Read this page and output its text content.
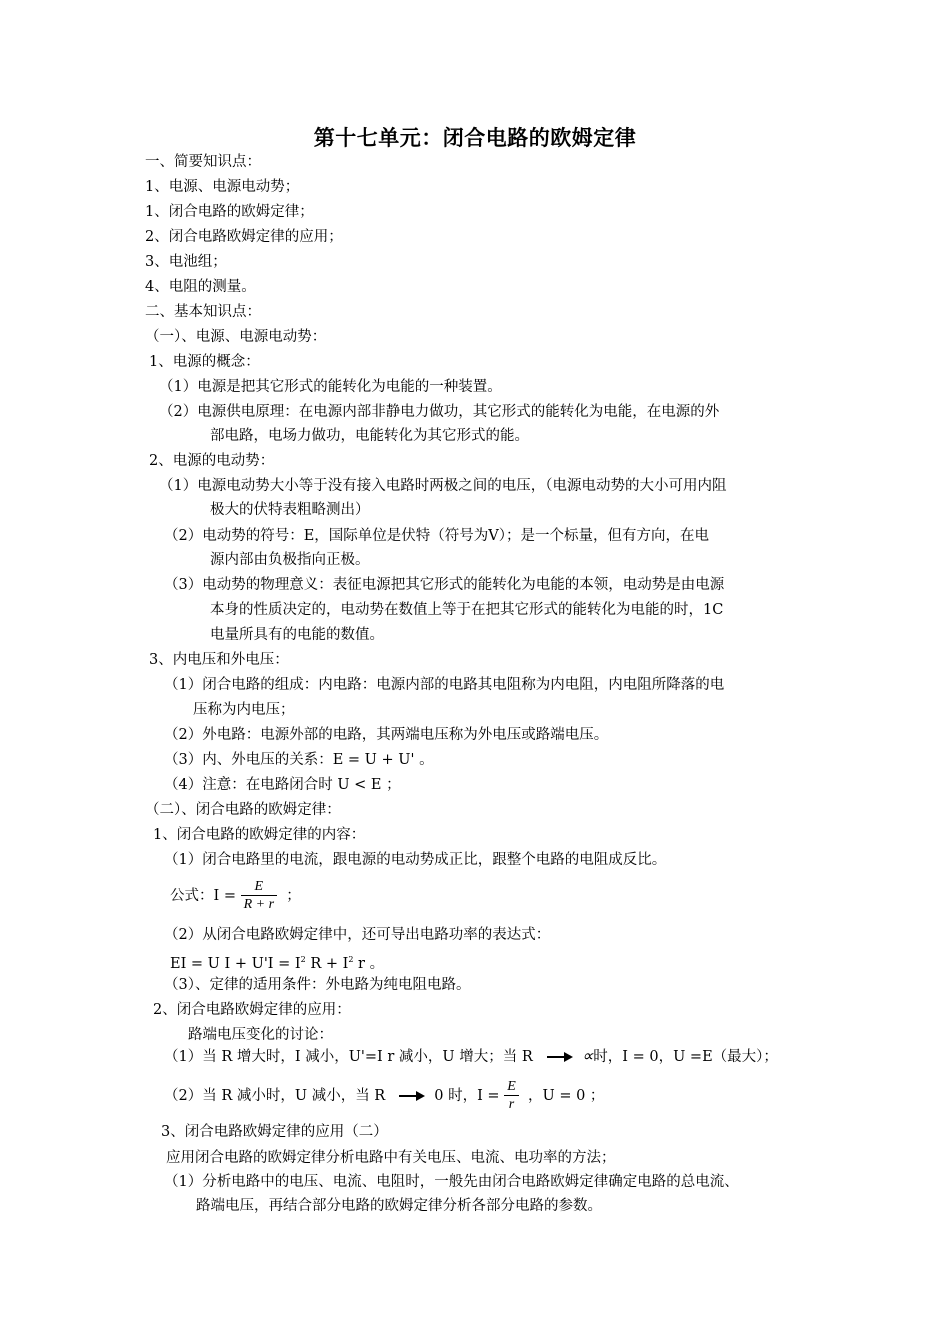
第十七单元：闭合电路的欧姆定律
一、简要知识点：
1、电源、电源电动势；
1、闭合电路的欧姆定律；
2、闭合电路欧姆定律的应用；
3、电池组；
4、电阻的测量。
二、基本知识点：
（一）、电源、电源电动势：
1、电源的概念：
（1）电源是把其它形式的能转化为电能的一种装置。
（2）电源供电原理：在电源内部非静电力做功，其它形式的能转化为电能，在电源的外
部电路，电场力做功，电能转化为其它形式的能。
2、电源的电动势：
（1）电源电动势大小等于没有接入电路时两极之间的电压，（电源电动势的大小可用内阻
极大的伏特表粗略测出）
（2）电动势的符号：E，国际单位是伏特（符号为V）；是一个标量，但有方向，在电
源内部由负极指向正极。
（3）电动势的物理意义：表征电源把其它形式的能转化为电能的本领，电动势是由电源
本身的性质决定的，电动势在数值上等于在把其它形式的能转化为电能的时，1C
电量所具有的电能的数值。
3、内电压和外电压：
（1）闭合电路的组成：内电路：电源内部的电路其电阻称为内电阻，内电阻所降落的电
压称为内电压；
（2）外电路：电源外部的电路，其两端电压称为外电压或路端电压。
（3）内、外电压的关系：E = U + U' 。
（4）注意：在电路闭合时 U < E ；
（二）、闭合电路的欧姆定律：
1、闭合电路的欧姆定律的内容：
（1）闭合电路里的电流，跟电源的电动势成正比，跟整个电路的电阻成反比。
公式：$I = \frac{E}{R + r}$ ；
（2）从闭合电路欧姆定律中，还可导出电路功率的表达式：
EI = U $I + U'I = I^2$ $R + I^2$ r 。
（3）、定律的适用条件：外电路为纯电阻电路。
2、闭合电路欧姆定律的应用：
路端电压变化的讨论：
（1）当 R 增大时，I 减小，U'=I r 减小，U 增大；当 R	∝时，I = 0，U =E（最大）；
（2）当 R 减小时，U 减小，当 R	0 时，$I = \frac{E}{r}$ ，U = 0 ；
3、闭合电路欧姆定律的应用（二）
应用闭合电路的欧姆定律分析电路中有关电压、电流、电功率的方法；
（1）分析电路中的电压、电流、电阻时，一般先由闭合电路欧姆定律确定电路的总电流、
路端电压，再结合部分电路的欧姆定律分析各部分电路的参数。
